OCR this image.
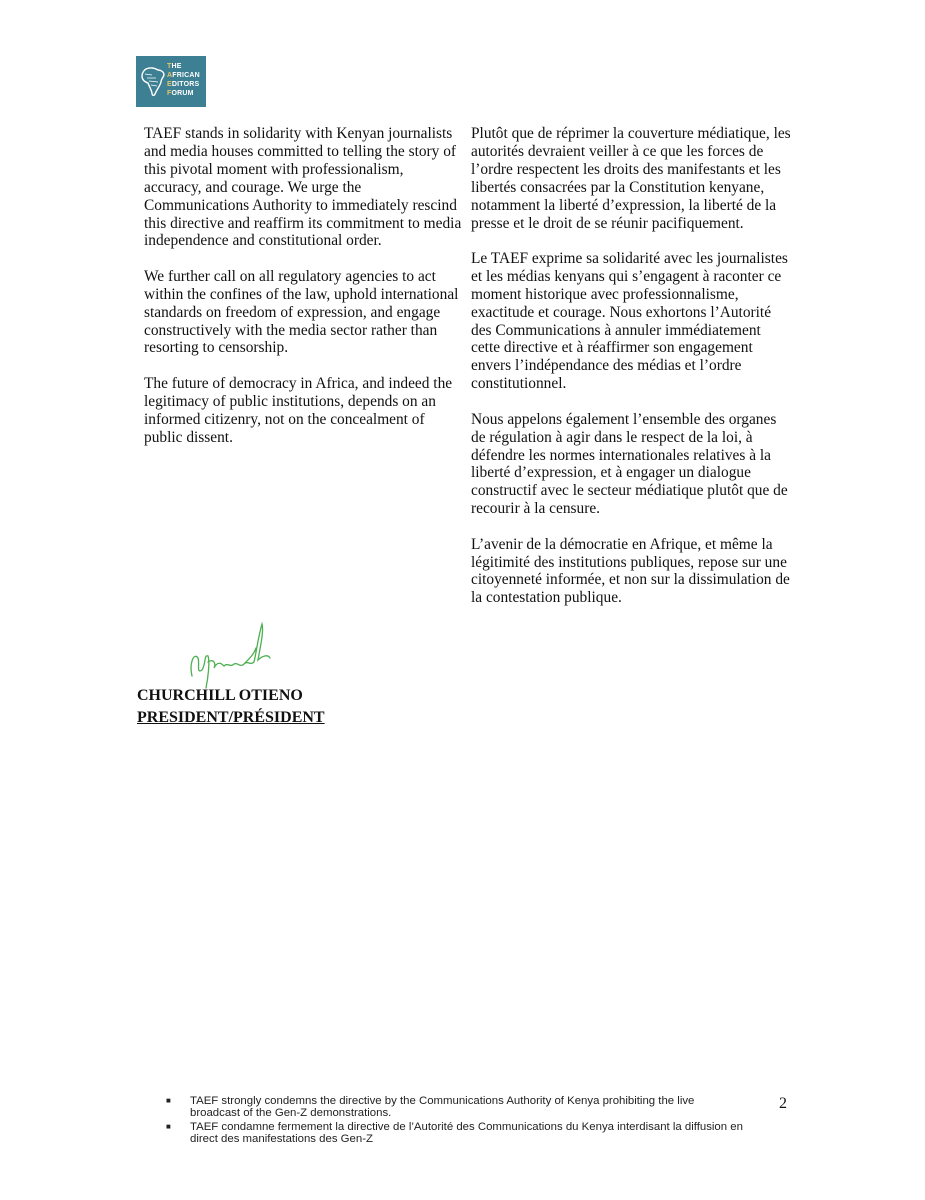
THE
AFRICAN
EDITORS
FORUM

TAEF stands in solidarity with Kenyan journalists and media houses committed to telling the story of this pivotal moment with professionalism, accuracy, and courage. We urge the Communications Authority to immediately rescind this directive and reaffirm its commitment to media independence and constitutional order.

We further call on all regulatory agencies to act within the confines of the law, uphold international standards on freedom of expression, and engage constructively with the media sector rather than resorting to censorship.

The future of democracy in Africa, and indeed the legitimacy of public institutions, depends on an informed citizenry, not on the concealment of public dissent.

Plutôt que de réprimer la couverture médiatique, les autorités devraient veiller à ce que les forces de l’ordre respectent les droits des manifestants et les libertés consacrées par la Constitution kenyane, notamment la liberté d’expression, la liberté de la presse et le droit de se réunir pacifiquement.

Le TAEF exprime sa solidarité avec les journalistes et les médias kenyans qui s’engagent à raconter ce moment historique avec professionnalisme, exactitude et courage. Nous exhortons l’Autorité des Communications à annuler immédiatement cette directive et à réaffirmer son engagement envers l’indépendance des médias et l’ordre constitutionnel.

Nous appelons également l’ensemble des organes de régulation à agir dans le respect de la loi, à défendre les normes internationales relatives à la liberté d’expression, et à engager un dialogue constructif avec le secteur médiatique plutôt que de recourir à la censure.

L’avenir de la démocratie en Afrique, et même la légitimité des institutions publiques, repose sur une citoyenneté informée, et non sur la dissimulation de la contestation publique.

CHURCHILL OTIENO
PRESIDENT/PRÉSIDENT
■	TAEF strongly condemns the directive by the Communications Authority of Kenya prohibiting the live broadcast of the Gen-Z demonstrations.
■	TAEF condamne fermement la directive de l’Autorité des Communications du Kenya interdisant la diffusion en direct des manifestations des Gen-Z
2
